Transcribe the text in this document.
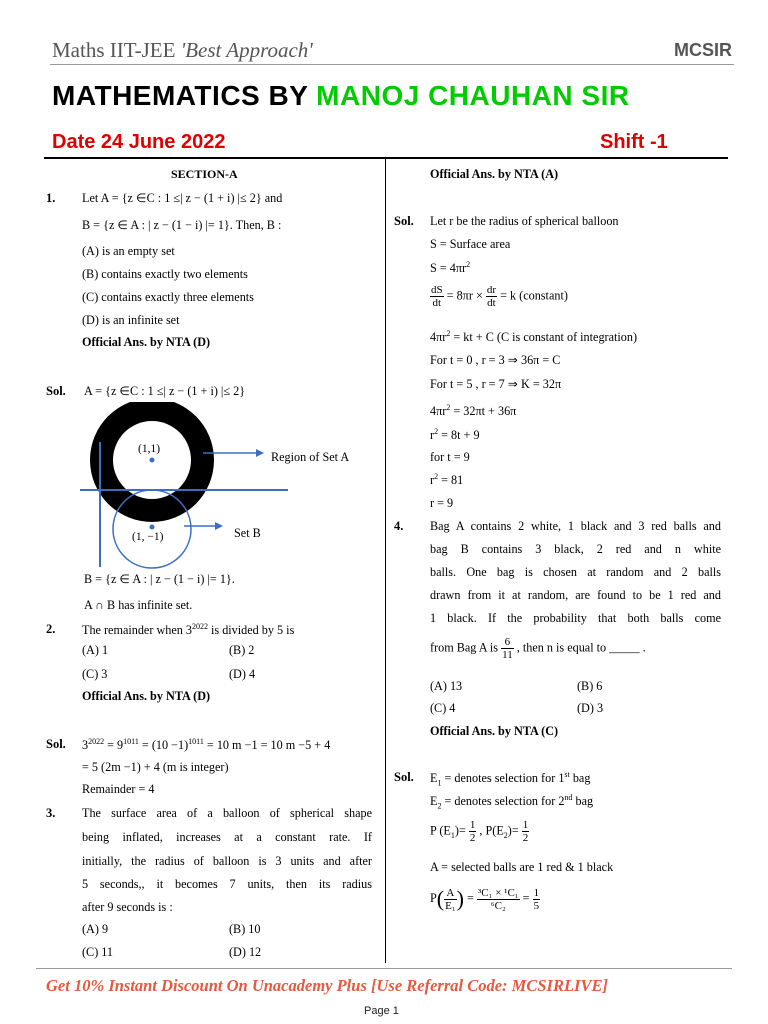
Maths IIT-JEE 'Best Approach'	MCSIR
MATHEMATICS BY MANOJ CHAUHAN SIR
Date 24 June 2022	Shift -1
SECTION-A
1. Let A = {z ∈C : 1 ≤| z − (1 + i) |≤ 2} and
B = {z ∈ A : | z − (1 − i) |= 1}. Then, B :
(A) is an empty set
(B) contains exactly two elements
(C) contains exactly three elements
(D) is an infinite set
Official Ans. by NTA (D)
Sol. A = {z ∈C : 1 ≤| z − (1 + i) |≤ 2}
(1,1)
Region of Set A
(1, −1)	Set B
B = {z ∈ A : | z − (1 − i) |= 1}.
A ∩ B has infinite set.
2. The remainder when $3^{2022}$ is divided by 5 is
(A) 1	(B) 2
(C) 3	(D) 4
Official Ans. by NTA (D)
Sol. $3^{2022} = 9^{1011} = (10 -1)^{1011} = 10$ m −1 = 10 m −5 + 4
= 5 (2m −1) + 4 (m is integer)
Remainder = 4
3. The surface area of a balloon of spherical shape
being inflated, increases at a constant rate. If
initially, the radius of balloon is 3 units and after
5 seconds,, it becomes 7 units, then its radius
after 9 seconds is :
(A) 9	(B) 10
(C) 11	(D) 12
Official Ans. by NTA (A)
Sol. Let r be the radius of spherical balloon
S = Surface area
$S = 4\pi r^2$
$\frac{dS}{dt} = 8\pi r \times \frac{dr}{dt} = k$ (constant)
$4\pi r^2$ = kt + C (C is constant of integration)
For t = 0 , r = 3 ⇒ 36π = C
For t = 5 , r = 7 ⇒ K = 32π
$4\pi r^2 = 32\pi t + 36\pi$
$r^2 = 8t + 9$
for t = 9
$r^2 = 81$
r = 9
4. Bag A contains 2 white, 1 black and 3 red balls and
bag B contains 3 black, 2 red and n white
balls. One bag is chosen at random and 2 balls
drawn from it at random, are found to be 1 red and
1 black. If the probability that both balls come
from Bag A is $\frac{6}{11}$ , then n is equal to _____ .
(A) 13	(B) 6
(C) 4	(D) 3
Official Ans. by NTA (C)
Sol. $E_1$ = denotes selection for 1st bag
$E_2$ = denotes selection for 2nd bag
P $(E_1)= \frac{1}{2}$ , $P(E_2)= \frac{1}{2}$
A = selected balls are 1 red & 1 black
$P( \frac{A}{\text{E₁}}$ ) = $\frac{\text{³C₁ × ¹C₁}}{\text{⁶C₂}} = \frac{1}{5}$
Get 10% Instant Discount On Unacademy Plus [Use Referral Code: MCSIRLIVE]
Page 1
